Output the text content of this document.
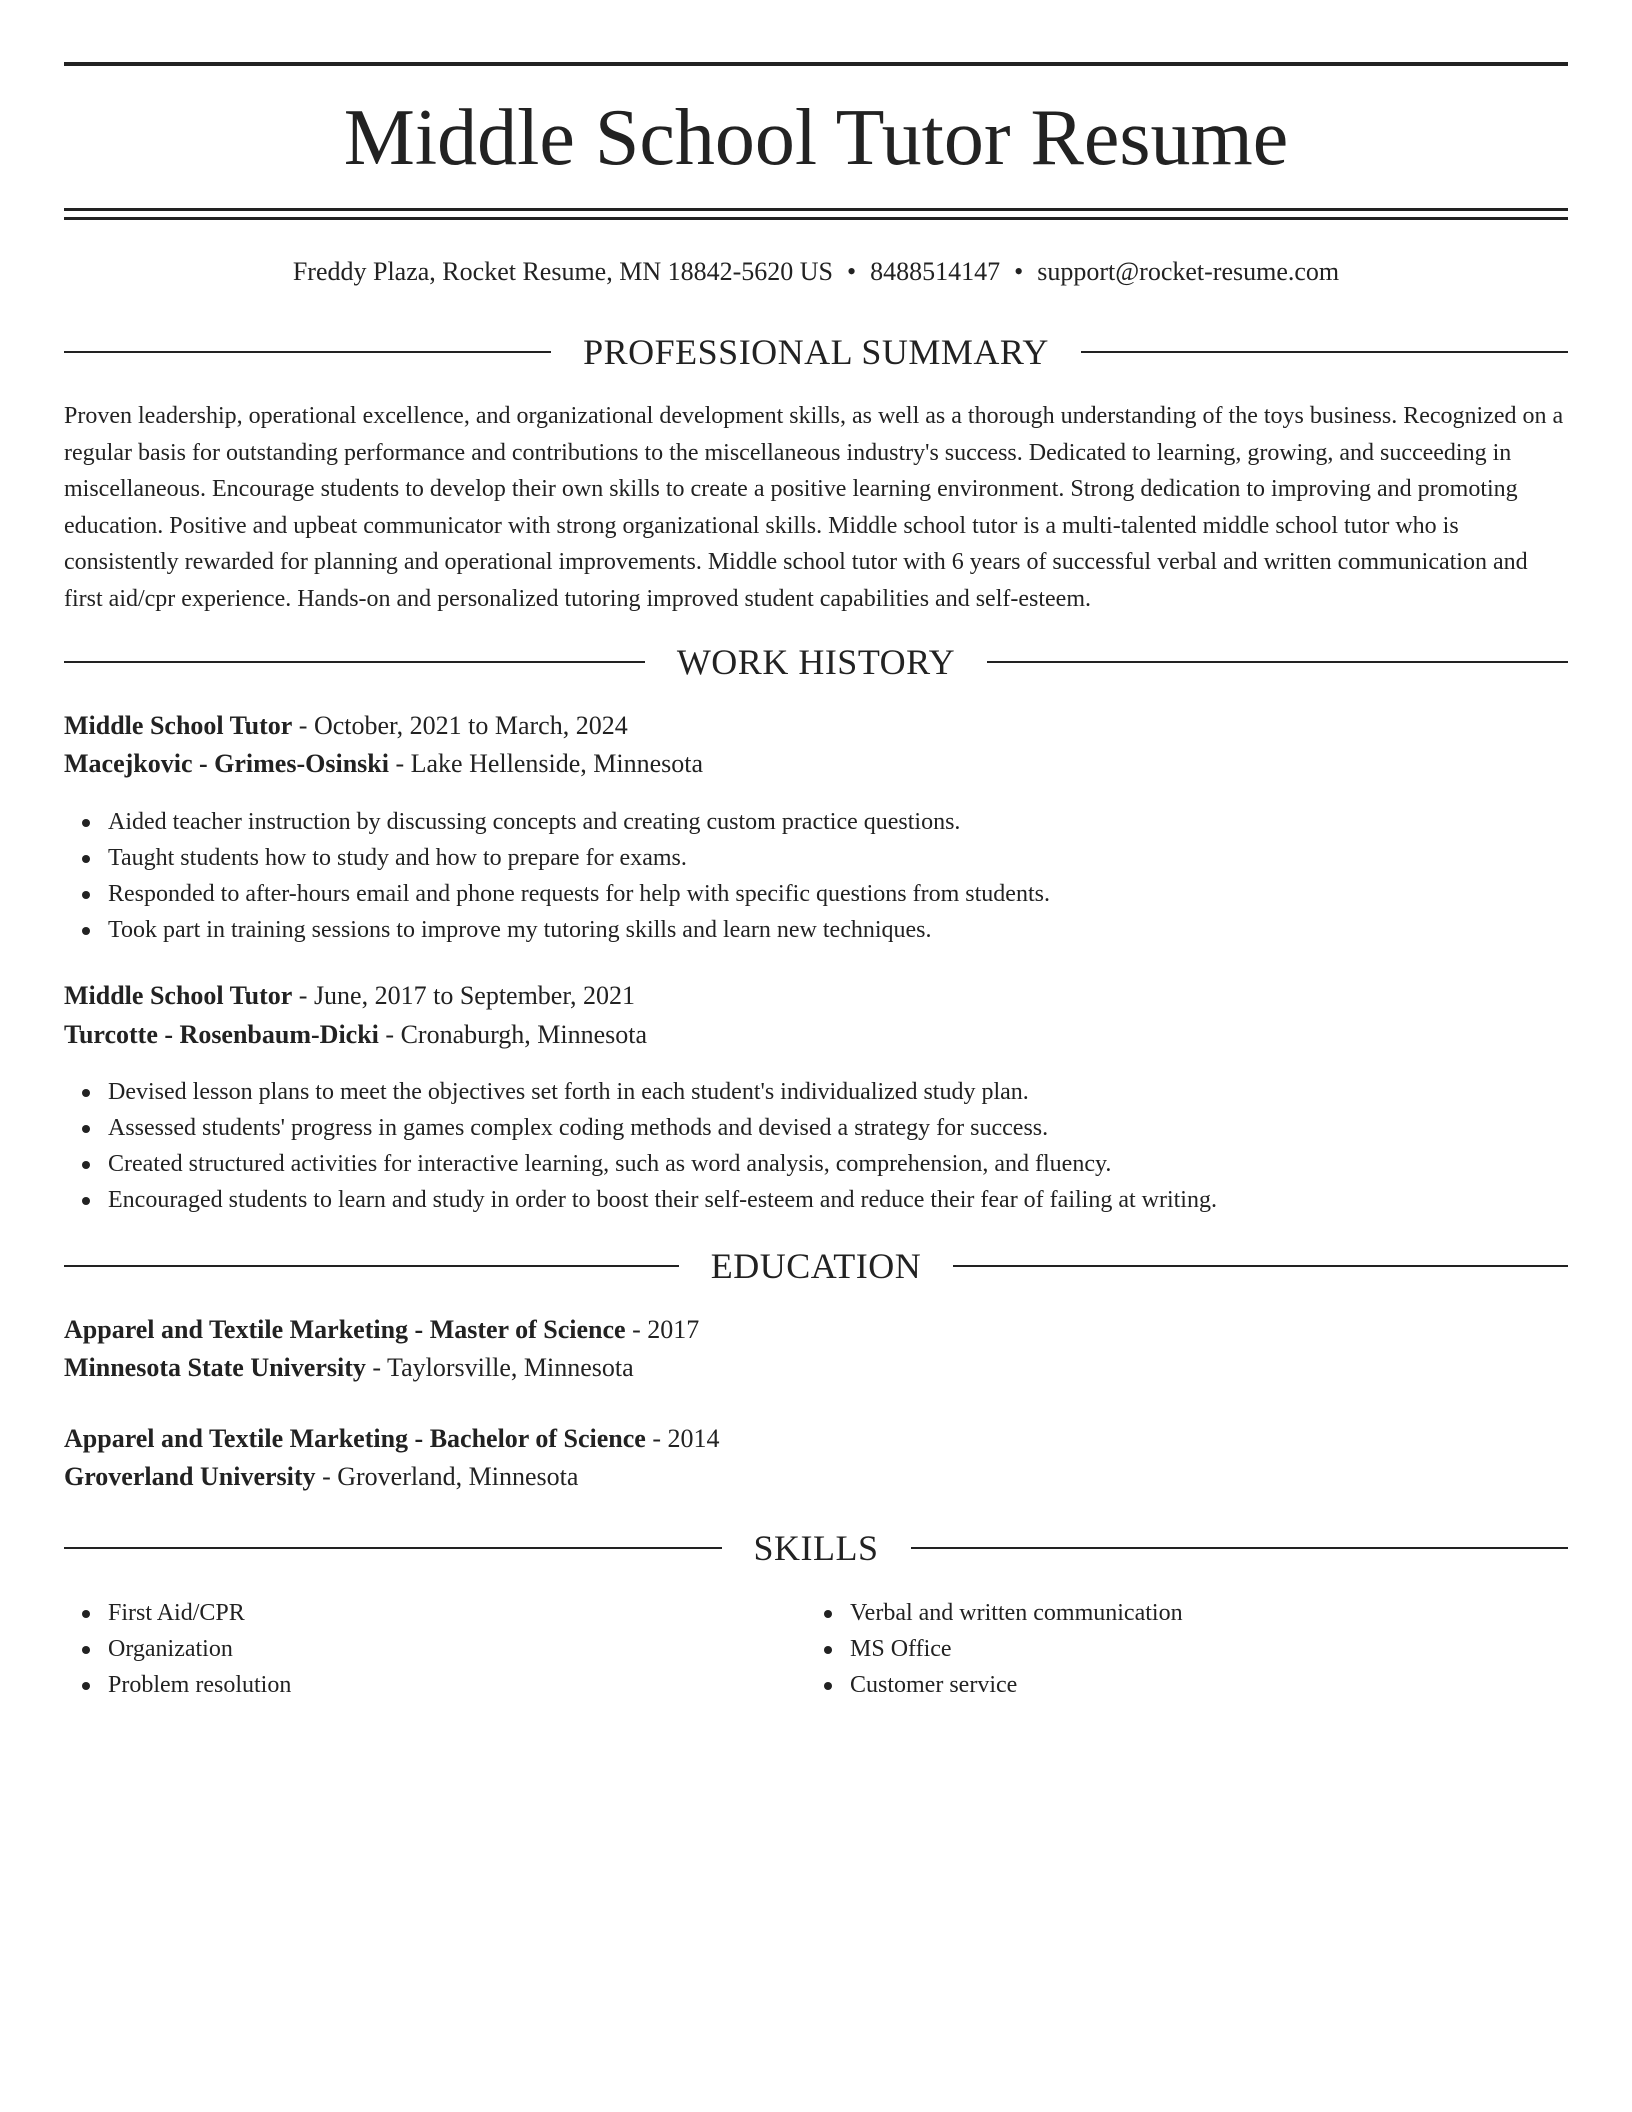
Middle School Tutor Resume
Freddy Plaza, Rocket Resume, MN 18842-5620 US • 8488514147 • support@rocket-resume.com
PROFESSIONAL SUMMARY

Proven leadership, operational excellence, and organizational development skills, as well as a thorough understanding of the toys business. Recognized on a regular basis for outstanding performance and contributions to the miscellaneous industry's success. Dedicated to learning, growing, and succeeding in miscellaneous. Encourage students to develop their own skills to create a positive learning environment. Strong dedication to improving and promoting education. Positive and upbeat communicator with strong organizational skills. Middle school tutor is a multi-talented middle school tutor who is consistently rewarded for planning and operational improvements. Middle school tutor with 6 years of successful verbal and written communication and first aid/cpr experience. Hands-on and personalized tutoring improved student capabilities and self-esteem.

WORK HISTORY
Middle School Tutor - October, 2021 to March, 2024
Macejkovic - Grimes-Osinski - Lake Hellenside, Minnesota
Aided teacher instruction by discussing concepts and creating custom practice questions.
Taught students how to study and how to prepare for exams.
Responded to after-hours email and phone requests for help with specific questions from students.
Took part in training sessions to improve my tutoring skills and learn new techniques.
Middle School Tutor - June, 2017 to September, 2021
Turcotte - Rosenbaum-Dicki - Cronaburgh, Minnesota
Devised lesson plans to meet the objectives set forth in each student's individualized study plan.
Assessed students' progress in games complex coding methods and devised a strategy for success.
Created structured activities for interactive learning, such as word analysis, comprehension, and fluency.
Encouraged students to learn and study in order to boost their self-esteem and reduce their fear of failing at writing.
EDUCATION
Apparel and Textile Marketing - Master of Science - 2017
Minnesota State University - Taylorsville, Minnesota
Apparel and Textile Marketing - Bachelor of Science - 2014
Groverland University - Groverland, Minnesota
SKILLS
First Aid/CPR
Organization
Problem resolution
Verbal and written communication
MS Office
Customer service
